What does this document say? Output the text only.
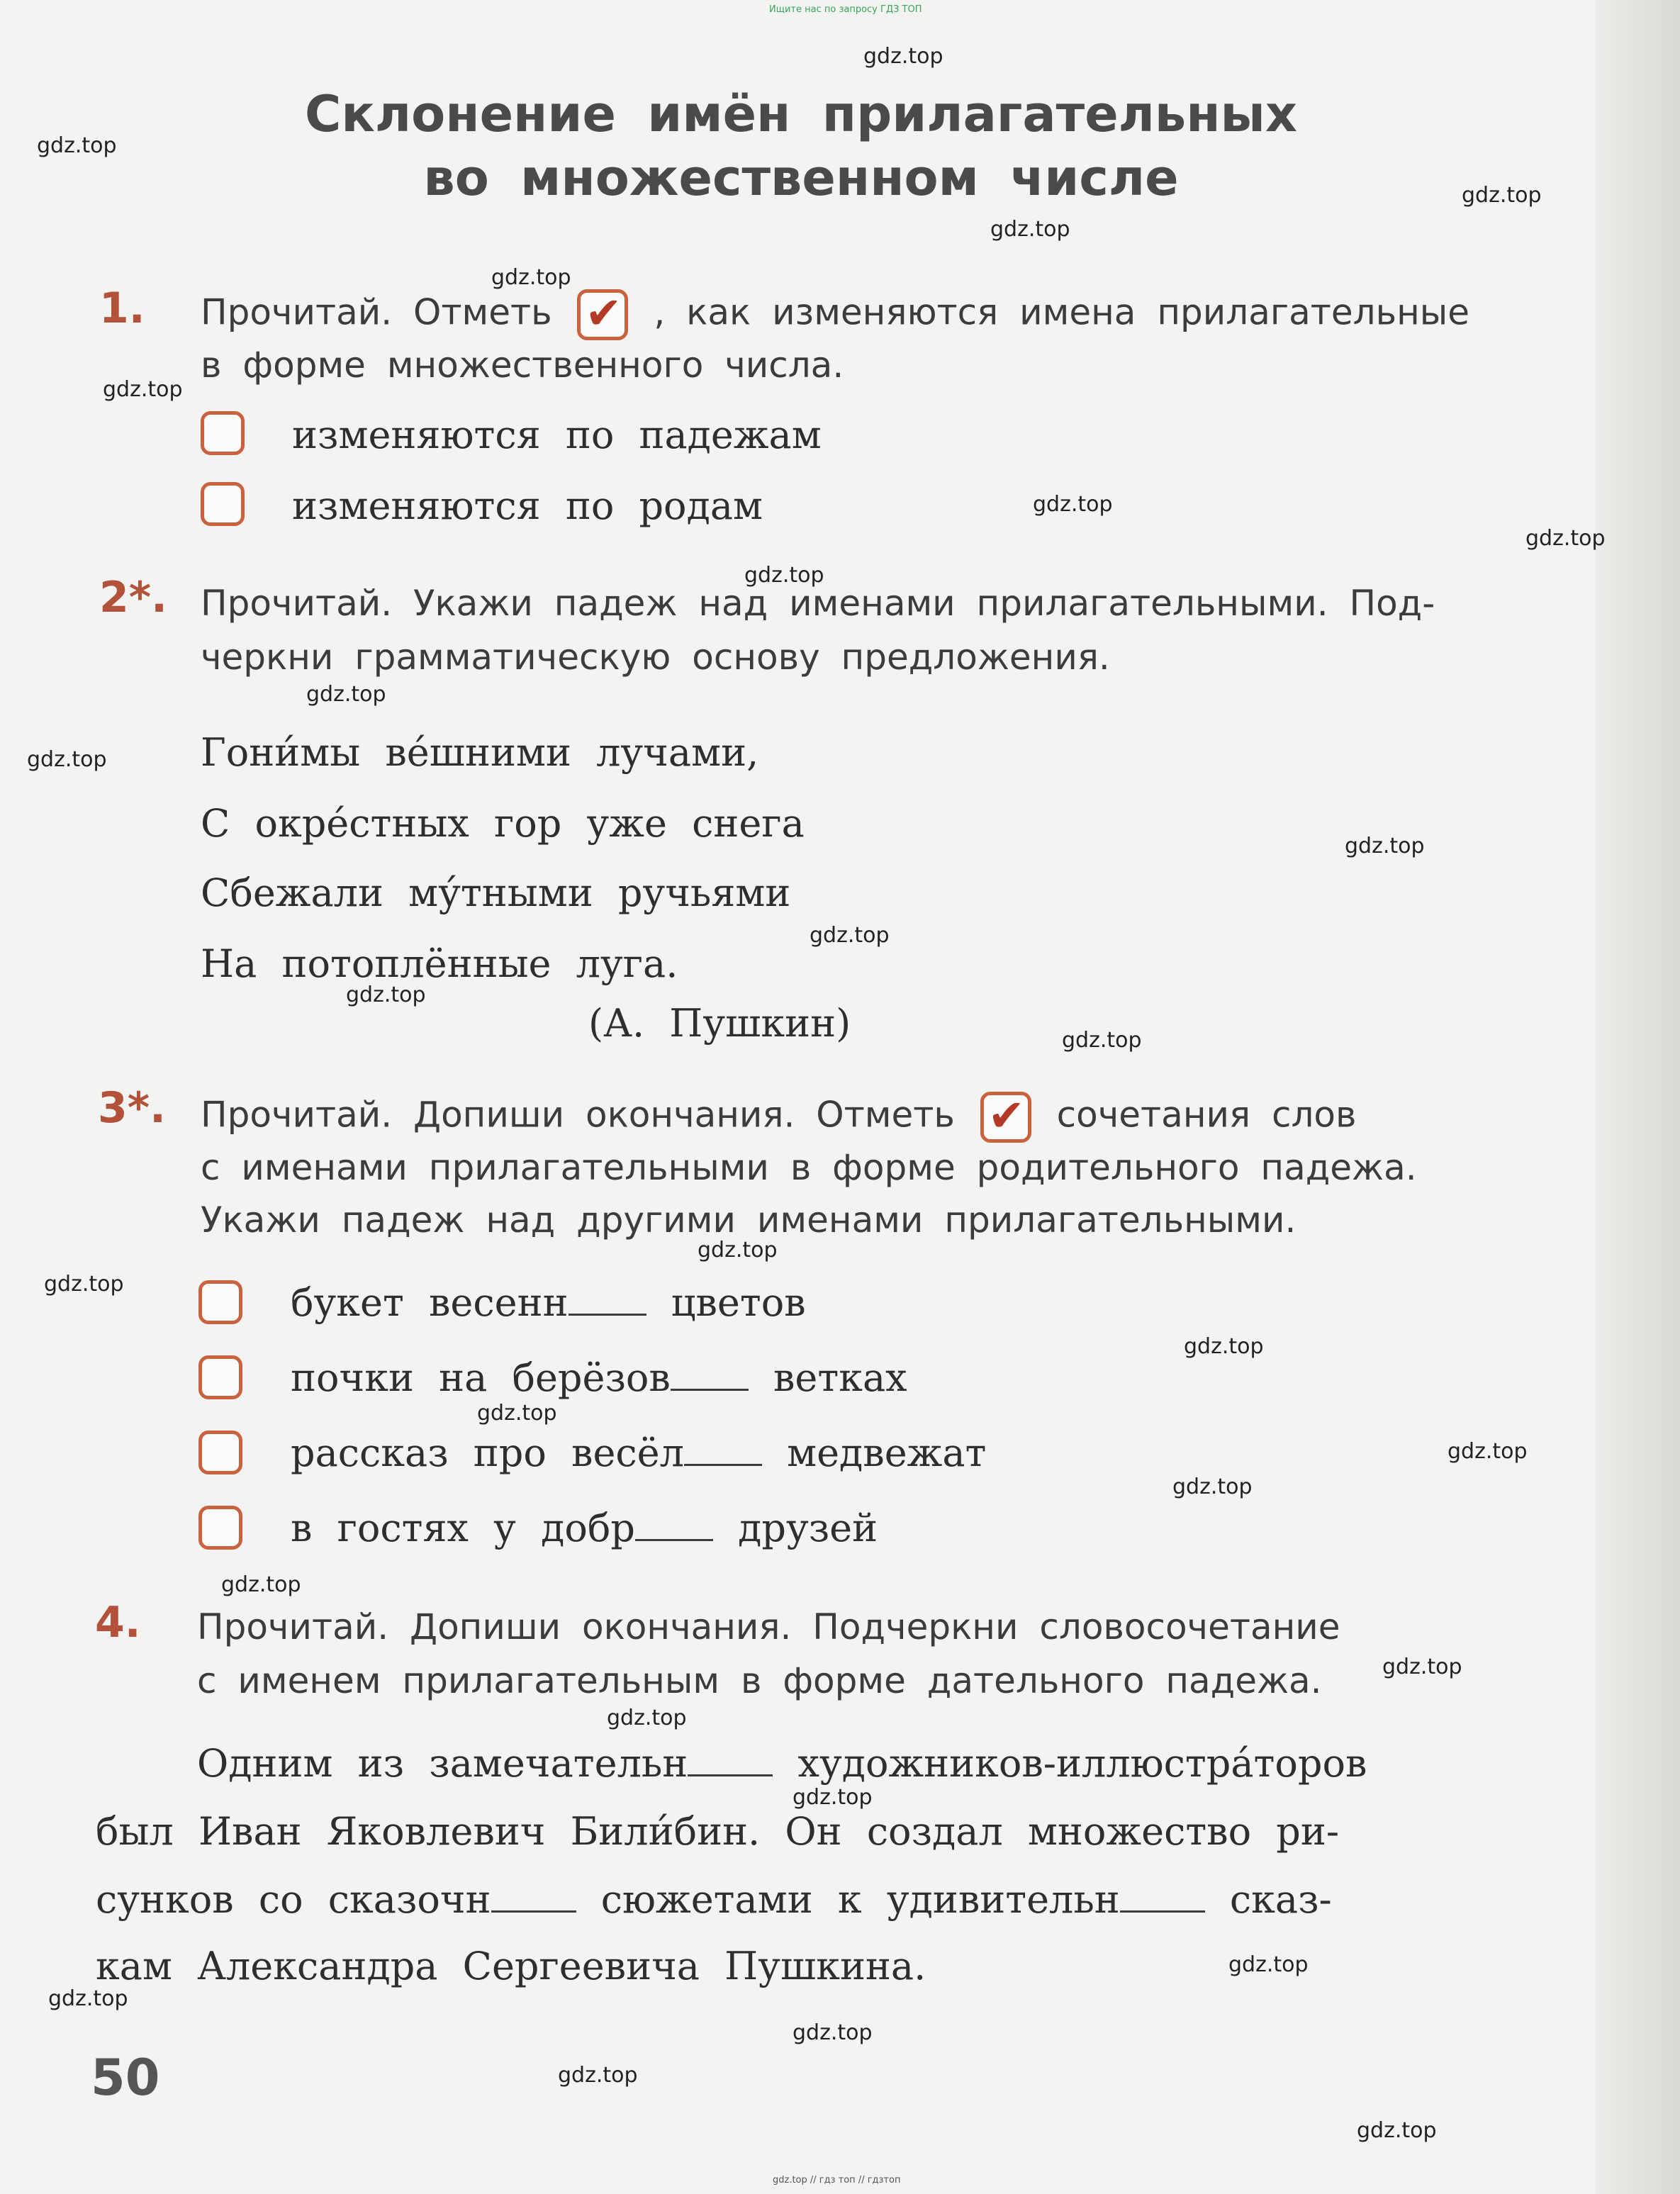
Ищите нас по запросу ГДЗ ТОП
Склонение имён прилагательных
во множественном числе
1. Прочитай. Отметь ✔ , как изменяются имена прилагательные
в форме множественного числа.
изменяются по падежам
изменяются по родам
2*. Прочитай. Укажи падеж над именами прилагательными. Под-
черкни грамматическую основу предложения.
Гони́мы ве́шними лучами,
С окре́стных гор уже снега
Сбежали му́тными ручьями
На потоплённые луга.
(А. Пушкин)
3*. Прочитай. Допиши окончания. Отметь ✔ сочетания слов
с именами прилагательными в форме родительного падежа.
Укажи падеж над другими именами прилагательными.
букет весенн	цветов
почки на берёзов	ветках
рассказ про весёл	медвежат
в гостях у добр	друзей
4. Прочитай. Допиши окончания. Подчеркни словосочетание
с именем прилагательным в форме дательного падежа.
Одним из замечательн	художников-иллюстра́торов
был Иван Яковлевич Били́бин. Он создал множество ри-
сунков со сказочн	сюжетами к удивительн	сказ-
кам Александра Сергеевича Пушкина.
50
gdz.top
gdz.top
gdz.top
gdz.top
gdz.top
gdz.top
gdz.top
gdz.top
gdz.top
gdz.top
gdz.top
gdz.top
gdz.top
gdz.top
gdz.top
gdz.top
gdz.top
gdz.top
gdz.top
gdz.top
gdz.top
gdz.top
gdz.top
gdz.top
gdz.top
gdz.top
gdz.top
gdz.top
gdz.top
gdz.top
gdz.top // гдз топ // гдзтоп
